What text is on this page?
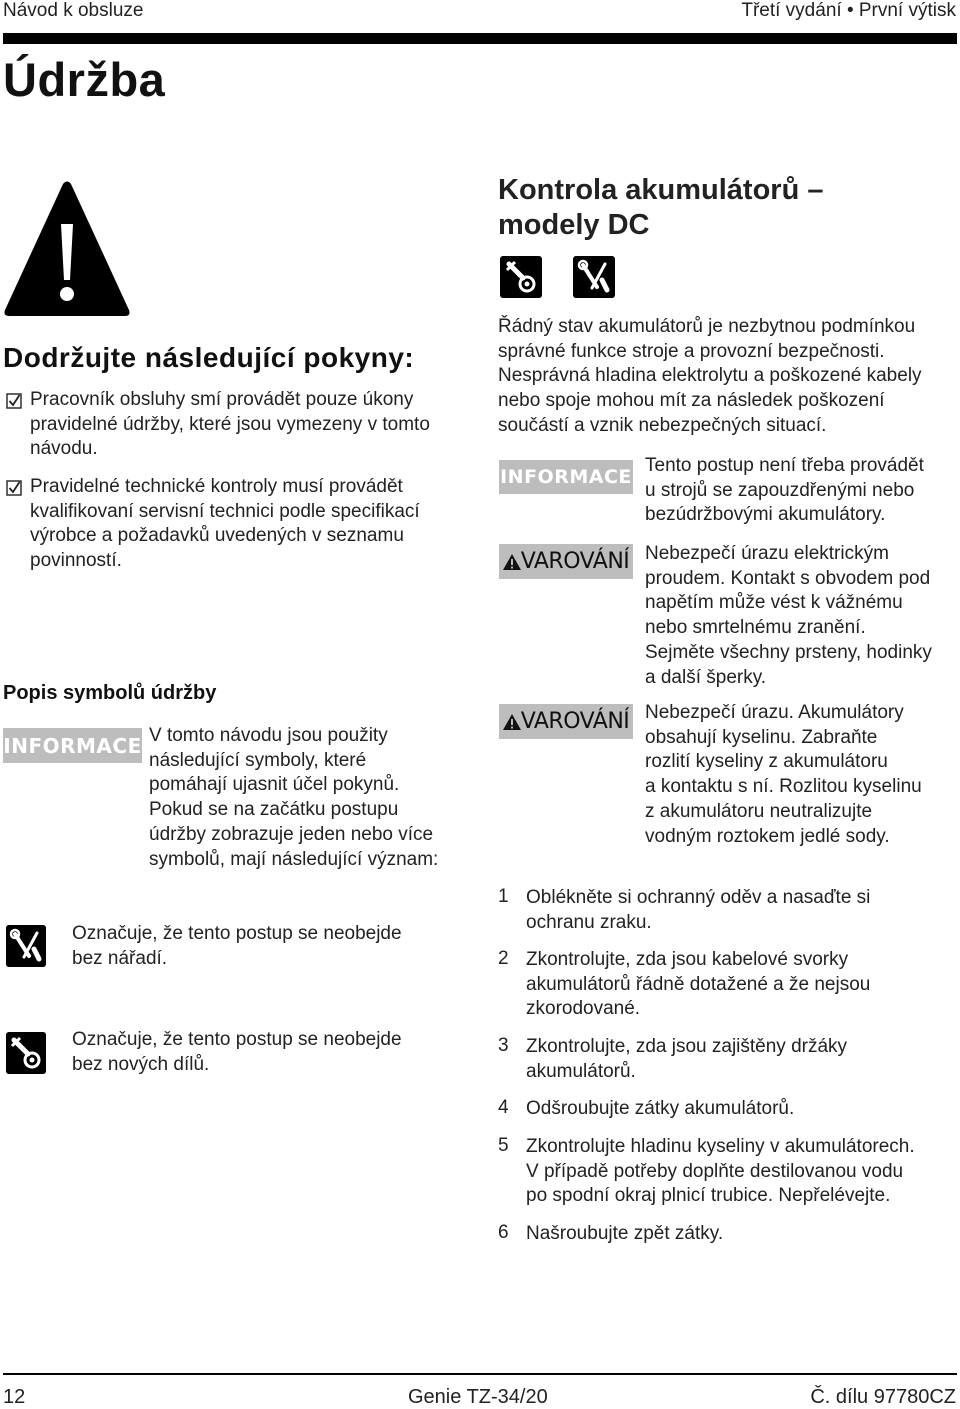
Návod k obsluze	Třetí vydání • První výtisk
Údržba
Dodržujte následující pokyny:
Pracovník obsluhy smí provádět pouze úkony
pravidelné údržby, které jsou vymezeny v tomto
návodu.
Pravidelné technické kontroly musí provádět
kvalifikovaní servisní technici podle specifikací
výrobce a požadavků uvedených v seznamu
povinností.
Popis symbolů údržby
INFORMACE V tomto návodu jsou použity
následující symboly, které
pomáhají ujasnit účel pokynů.
Pokud se na začátku postupu
údržby zobrazuje jeden nebo více
symbolů, mají následující význam:
Označuje, že tento postup se neobejde
bez nářadí.
Označuje, že tento postup se neobejde
bez nových dílů.
Kontrola akumulátorů –
modely DC
Řádný stav akumulátorů je nezbytnou podmínkou
správné funkce stroje a provozní bezpečnosti.
Nesprávná hladina elektrolytu a poškozené kabely
nebo spoje mohou mít za následek poškození
součástí a vznik nebezpečných situací.
INFORMACE
Tento postup není třeba provádět
u strojů se zapouzdřenými nebo
bezúdržbovými akumulátory.
VAROVÁNÍ Nebezpečí úrazu elektrickým
proudem. Kontakt s obvodem pod
napětím může vést k vážnému
nebo smrtelnému zranění.
Sejměte všechny prsteny, hodinky
a další šperky.
VAROVÁNÍ Nebezpečí úrazu. Akumulátory
obsahují kyselinu. Zabraňte
rozlití kyseliny z akumulátoru
a kontaktu s ní. Rozlitou kyselinu
z akumulátoru neutralizujte
vodným roztokem jedlé sody.
1 Oblékněte si ochranný oděv a nasaďte si
ochranu zraku.
2 Zkontrolujte, zda jsou kabelové svorky
akumulátorů řádně dotažené a že nejsou
zkorodované.
3 Zkontrolujte, zda jsou zajištěny držáky
akumulátorů.
4 Odšroubujte zátky akumulátorů.
5 Zkontrolujte hladinu kyseliny v akumulátorech.
V případě potřeby doplňte destilovanou vodu
po spodní okraj plnicí trubice. Nepřelévejte.
6 Našroubujte zpět zátky.
12	Genie TZ-34/20	Č. dílu 97780CZ
